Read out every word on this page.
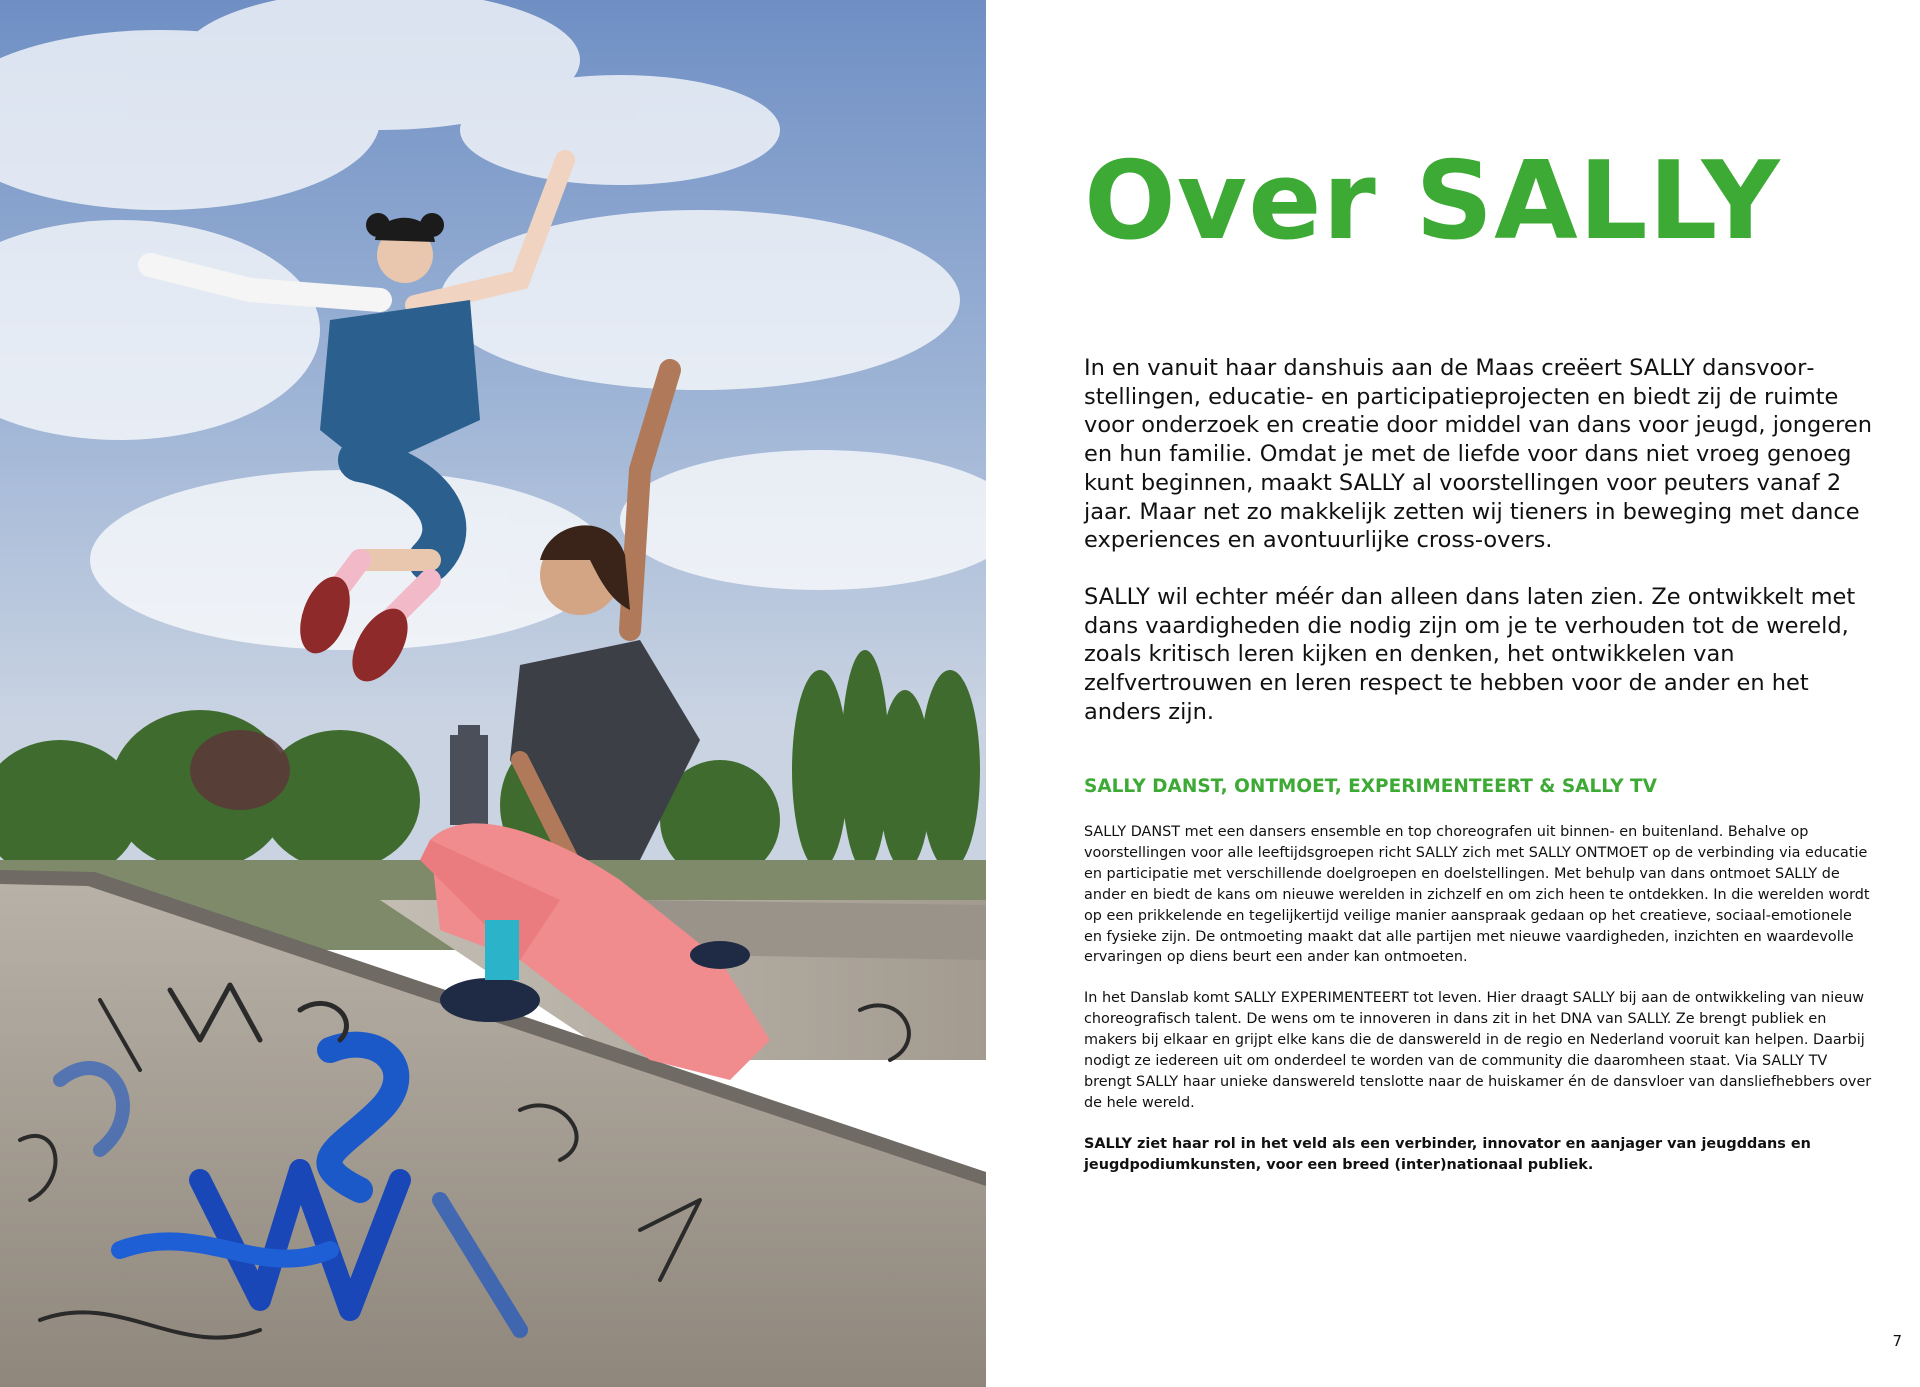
Over SALLY

In en vanuit haar danshuis aan de Maas creëert SALLY dansvoorstellingen, educatie- en participatieprojecten en biedt zij de ruimte voor onderzoek en creatie door middel van dans voor jeugd, jongeren en hun familie. Omdat je met de liefde voor dans niet vroeg genoeg kunt beginnen, maakt SALLY al voorstellingen voor peuters vanaf 2 jaar. Maar net zo makkelijk zetten wij tieners in beweging met dance experiences en avontuurlijke cross-overs.

SALLY wil echter méér dan alleen dans laten zien. Ze ontwikkelt met dans vaardigheden die nodig zijn om je te verhouden tot de wereld, zoals kritisch leren kijken en denken, het ontwikkelen van zelfvertrouwen en leren respect te hebben voor de ander en het anders zijn.

SALLY DANST, ONTMOET, EXPERIMENTEERT & SALLY TV

SALLY DANST met een dansers ensemble en top choreografen uit binnen- en buitenland. Behalve op voorstellingen voor alle leeftijdsgroepen richt SALLY zich met SALLY ONTMOET op de verbinding via educatie en participatie met verschillende doelgroepen en doelstellingen. Met behulp van dans ontmoet SALLY de ander en biedt de kans om nieuwe werelden in zichzelf en om zich heen te ontdekken. In die werelden wordt op een prikkelende en tegelijkertijd veilige manier aanspraak gedaan op het creatieve, sociaal-emotionele en fysieke zijn. De ontmoeting maakt dat alle partijen met nieuwe vaardigheden, inzichten en waardevolle ervaringen op diens beurt een ander kan ontmoeten.

In het Danslab komt SALLY EXPERIMENTEERT tot leven. Hier draagt SALLY bij aan de ontwikkeling van nieuw choreografisch talent. De wens om te innoveren in dans zit in het DNA van SALLY. Ze brengt publiek en makers bij elkaar en grijpt elke kans die de danswereld in de regio en Nederland vooruit kan helpen. Daarbij nodigt ze iedereen uit om onderdeel te worden van de community die daaromheen staat. Via SALLY TV brengt SALLY haar unieke danswereld tenslotte naar de huiskamer én de dansvloer van dansliefhebbers over de hele wereld.

SALLY ziet haar rol in het veld als een verbinder, innovator en aanjager van jeugddans en jeugdpodiumkunsten, voor een breed (inter)nationaal publiek.

7
